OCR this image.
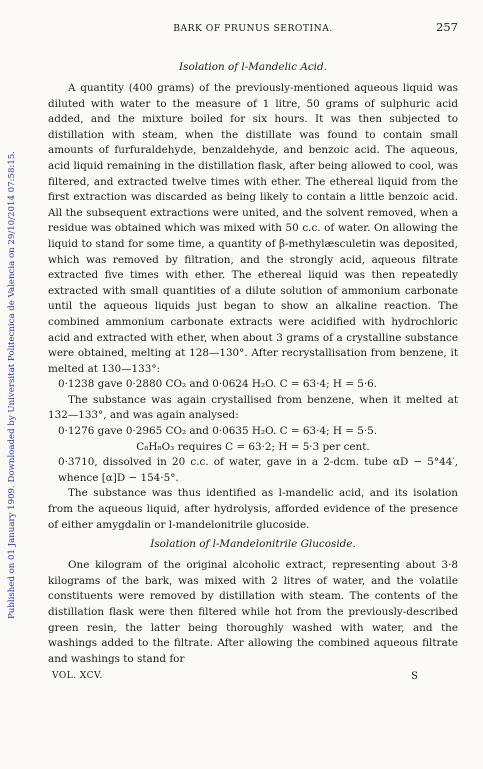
Published on 01 January 1909. Downloaded by Universitat Politecnica de Valencia on 29/10/2014 07:58:15.
BARK OF PRUNUS SEROTINA.	257
Isolation of l-Mandelic Acid.

A quantity (400 grams) of the previously-mentioned aqueous liquid was diluted with water to the measure of 1 litre, 50 grams of sulphuric acid added, and the mixture boiled for six hours. It was then subjected to distillation with steam, when the distillate was found to contain small amounts of furfuraldehyde, benzaldehyde, and benzoic acid. The aqueous, acid liquid remaining in the distillation flask, after being allowed to cool, was filtered, and extracted twelve times with ether. The ethereal liquid from the first extraction was discarded as being likely to contain a little benzoic acid. All the subsequent extractions were united, and the solvent removed, when a residue was obtained which was mixed with 50 c.c. of water. On allowing the liquid to stand for some time, a quantity of β-methylæsculetin was deposited, which was removed by filtration, and the strongly acid, aqueous filtrate extracted five times with ether. The ethereal liquid was then repeatedly extracted with small quantities of a dilute solution of ammonium carbonate until the aqueous liquids just began to show an alkaline reaction. The combined ammonium carbonate extracts were acidified with hydrochloric acid and extracted with ether, when about 3 grams of a crystalline substance were obtained, melting at 128—130°. After recrystallisation from benzene, it melted at 130—133°:

0·1238 gave 0·2880 CO₂ and 0·0624 H₂O. C = 63·4; H = 5·6.

The substance was again crystallised from benzene, when it melted at 132—133°, and was again analysed:

0·1276 gave 0·2965 CO₂ and 0·0635 H₂O. C = 63·4; H = 5·5.

C₈H₈O₃ requires C = 63·2; H = 5·3 per cent.

0·3710, dissolved in 20 c.c. of water, gave in a 2-dcm. tube αD − 5°44′, whence [α]D − 154·5°.

The substance was thus identified as l-mandelic acid, and its isolation from the aqueous liquid, after hydrolysis, afforded evidence of the presence of either amygdalin or l-mandelonitrile glucoside.

Isolation of l-Mandelonitrile Glucoside.

One kilogram of the original alcoholic extract, representing about 3·8 kilograms of the bark, was mixed with 2 litres of water, and the volatile constituents were removed by distillation with steam. The contents of the distillation flask were then filtered while hot from the previously-described green resin, the latter being thoroughly washed with water, and the washings added to the filtrate. After allowing the combined aqueous filtrate and washings to stand for

VOL. XCV.	S
